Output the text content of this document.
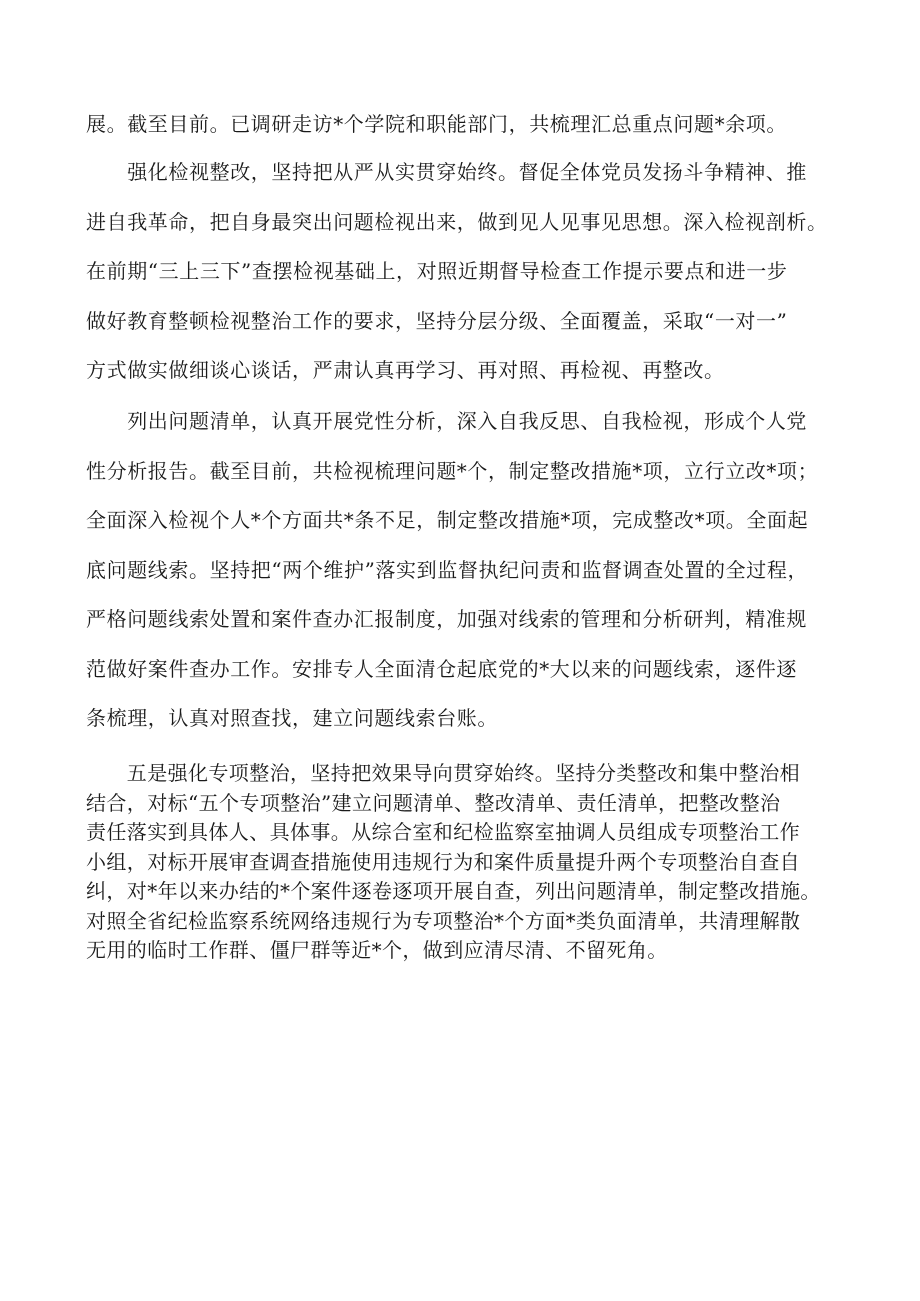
展。截至目前。已调研走访*个学院和职能部门，共梳理汇总重点问题*余项。
　　强化检视整改，坚持把从严从实贯穿始终。督促全体党员发扬斗争精神、推
进自我革命，把自身最突出问题检视出来，做到见人见事见思想。深入检视剖析。
在前期“三上三下”查摆检视基础上，对照近期督导检查工作提示要点和进一步
做好教育整顿检视整治工作的要求，坚持分层分级、全面覆盖，采取“一对一”
方式做实做细谈心谈话，严肃认真再学习、再对照、再检视、再整改。
　　列出问题清单，认真开展党性分析，深入自我反思、自我检视，形成个人党
性分析报告。截至目前，共检视梳理问题*个，制定整改措施*项，立行立改*项；
全面深入检视个人*个方面共*条不足，制定整改措施*项，完成整改*项。全面起
底问题线索。坚持把“两个维护”落实到监督执纪问责和监督调查处置的全过程，
严格问题线索处置和案件查办汇报制度，加强对线索的管理和分析研判，精准规
范做好案件查办工作。安排专人全面清仓起底党的*大以来的问题线索，逐件逐
条梳理，认真对照查找，建立问题线索台账。
　　五是强化专项整治，坚持把效果导向贯穿始终。坚持分类整改和集中整治相
结合，对标“五个专项整治”建立问题清单、整改清单、责任清单，把整改整治
责任落实到具体人、具体事。从综合室和纪检监察室抽调人员组成专项整治工作
小组，对标开展审查调查措施使用违规行为和案件质量提升两个专项整治自查自
纠，对*年以来办结的*个案件逐卷逐项开展自查，列出问题清单，制定整改措施。
对照全省纪检监察系统网络违规行为专项整治*个方面*类负面清单，共清理解散
无用的临时工作群、僵尸群等近*个，做到应清尽清、不留死角。
